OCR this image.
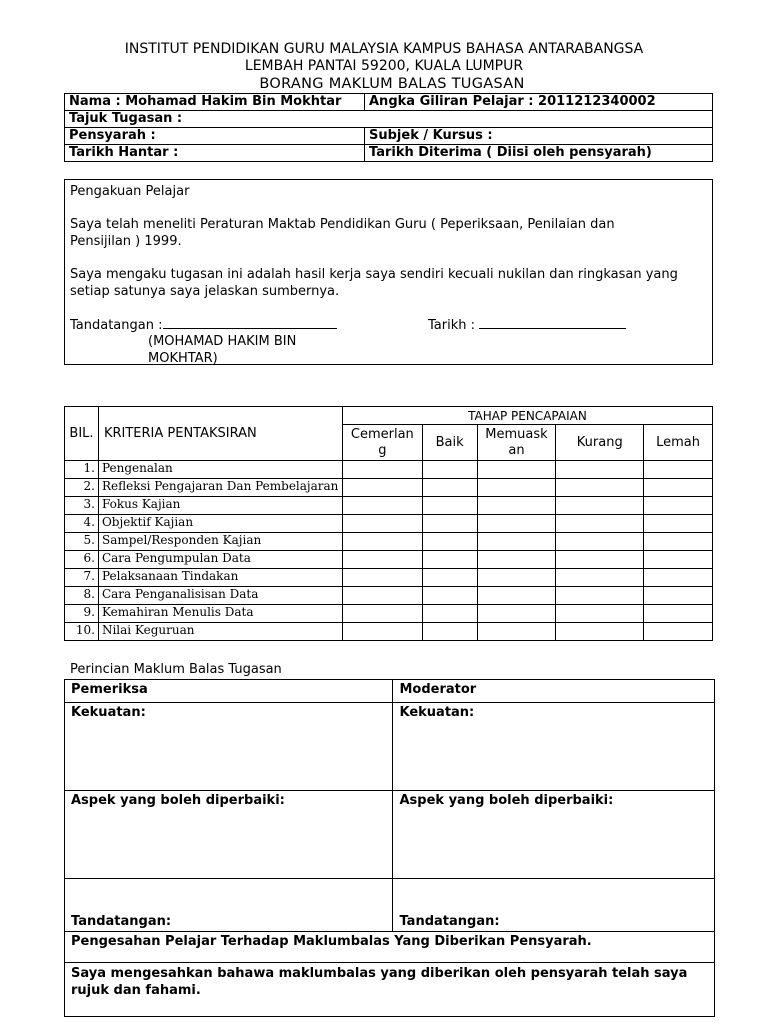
INSTITUT PENDIDIKAN GURU MALAYSIA KAMPUS BAHASA ANTARABANGSA
LEMBAH PANTAI 59200, KUALA LUMPUR
BORANG MAKLUM BALAS TUGASAN
Nama : Mohamad Hakim Bin Mokhtar	Angka Giliran Pelajar : 2011212340002
Tajuk Tugasan :	
Pensyarah :	Subjek / Kursus :
Tarikh Hantar :	Tarikh Diterima ( Diisi oleh pensyarah)
Pengakuan Pelajar
Saya telah meneliti Peraturan Maktab Pendidikan Guru ( Peperiksaan, Penilaian dan Pensijilan ) 1999.
Saya mengaku tugasan ini adalah hasil kerja saya sendiri kecuali nukilan dan ringkasan yang setiap satunya saya jelaskan sumbernya.
Tandatangan :	Tarikh :
(MOHAMAD HAKIM BIN MOKHTAR)
BIL.	KRITERIA PENTAKSIRAN	TAHAP PENCAPAIAN				
		Cemerlang	Baik	Memuaskan	Kurang	Lemah
1.	Pengenalan					
2.	Refleksi Pengajaran Dan Pembelajaran					
3.	Fokus Kajian					
4.	Objektif Kajian					
5.	Sampel/Responden Kajian					
6.	Cara Pengumpulan Data					
7.	Pelaksanaan Tindakan					
8.	Cara Penganalisisan Data					
9.	Kemahiran Menulis Data					
10.	Nilai Keguruan					
Perincian Maklum Balas Tugasan
Pemeriksa	Moderator
Kekuatan:	Kekuatan:
Aspek yang boleh diperbaiki:	Aspek yang boleh diperbaiki:
Tandatangan:	Tandatangan:
Pengesahan Pelajar Terhadap Maklumbalas Yang Diberikan Pensyarah.	
Saya mengesahkan bahawa maklumbalas yang diberikan oleh pensyarah telah saya rujuk dan fahami.	
